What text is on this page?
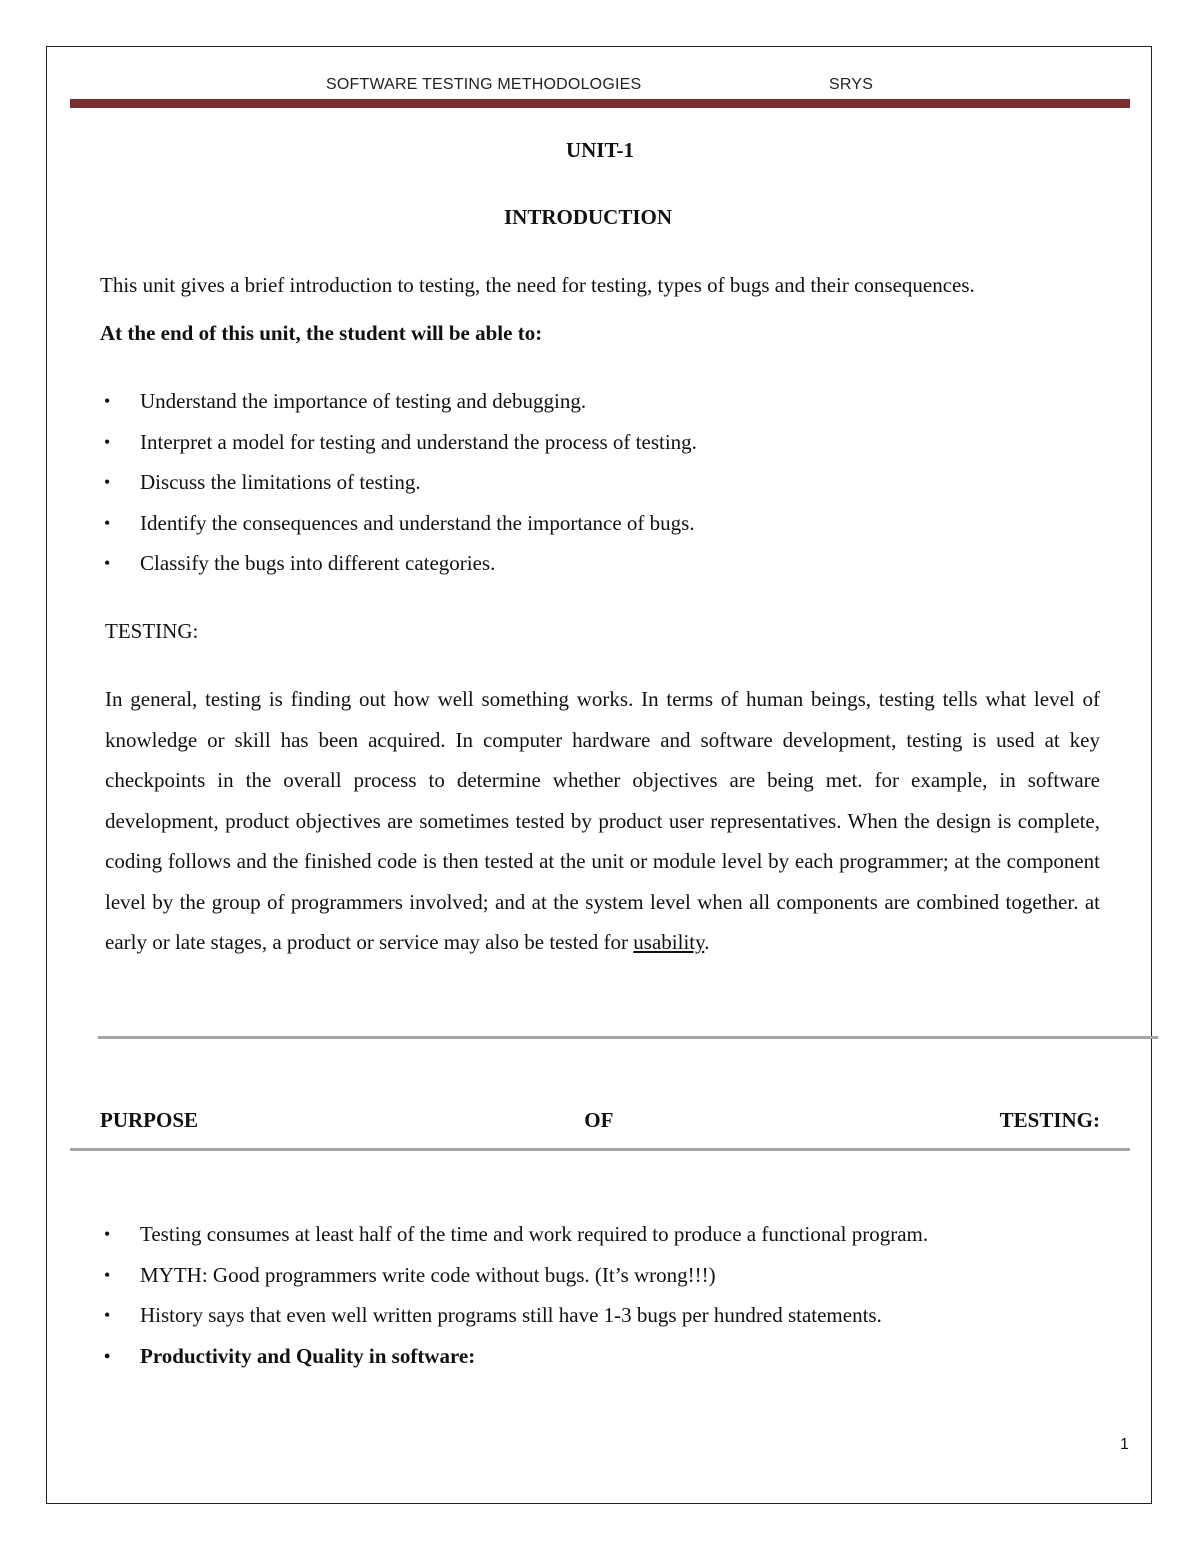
SOFTWARE TESTING METHODOLOGIES	SRYS
UNIT-1
INTRODUCTION
This unit gives a brief introduction to testing, the need for testing, types of bugs and their consequences.
At the end of this unit, the student will be able to:
• Understand the importance of testing and debugging.
• Interpret a model for testing and understand the process of testing.
• Discuss the limitations of testing.
• Identify the consequences and understand the importance of bugs.
• Classify the bugs into different categories.
TESTING:
In general, testing is finding out how well something works. In terms of human beings, testing tells what level of knowledge or skill has been acquired. In computer hardware and software development, testing is used at key checkpoints in the overall process to determine whether objectives are being met. for example, in software development, product objectives are sometimes tested by product user representatives. When the design is complete, coding follows and the finished code is then tested at the unit or module level by each programmer; at the component level by the group of programmers involved; and at the system level when all components are combined together. at early or late stages, a product or service may also be tested for usability.
PURPOSE	OF	TESTING:
• Testing consumes at least half of the time and work required to produce a functional program.
• MYTH: Good programmers write code without bugs. (It’s wrong!!!)
• History says that even well written programs still have 1-3 bugs per hundred statements.
• Productivity and Quality in software:
1
